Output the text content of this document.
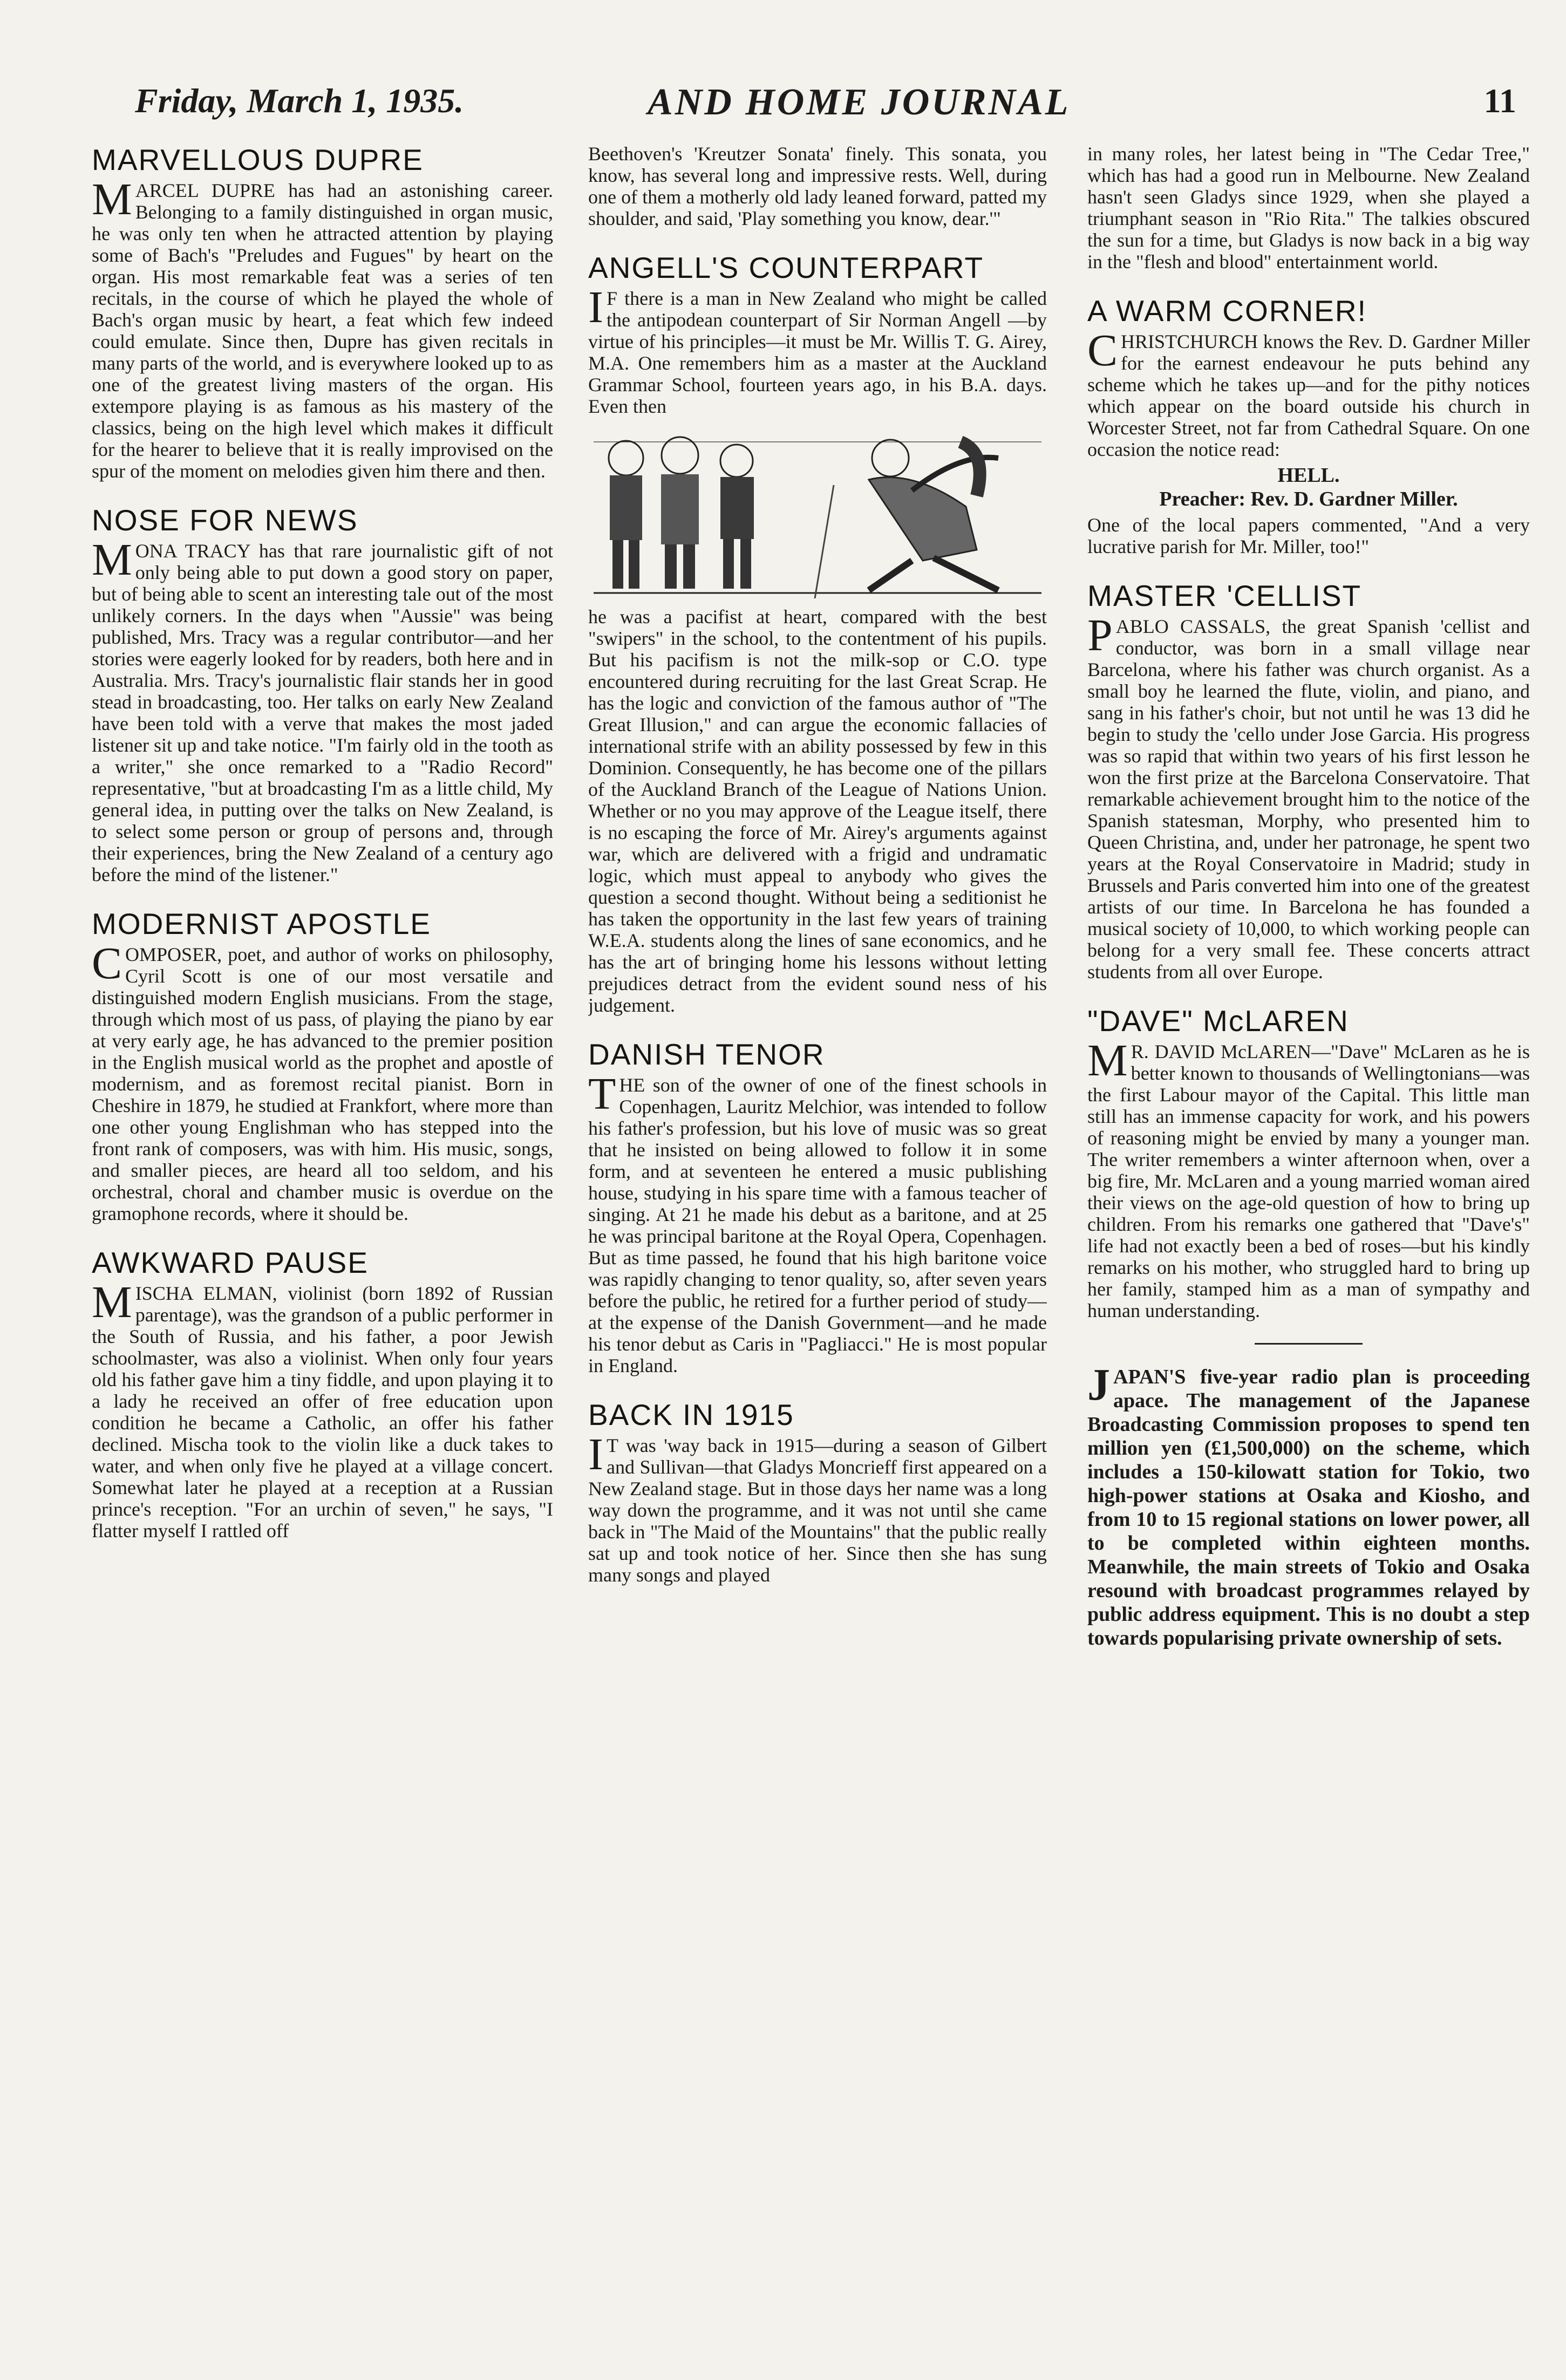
Friday, March 1, 1935.	AND HOME JOURNAL	11
MARVELLOUS DUPRE

MARCEL DUPRE has had an astonishing career. Belonging to a family distinguished in organ music, he was only ten when he attracted attention by playing some of Bach's "Preludes and Fugues" by heart on the organ. His most remarkable feat was a series of ten recitals, in the course of which he played the whole of Bach's organ music by heart, a feat which few indeed could emulate. Since then, Dupre has given recitals in many parts of the world, and is everywhere looked up to as one of the greatest living masters of the organ. His extempore playing is as famous as his mastery of the classics, being on the high level which makes it difficult for the hearer to believe that it is really improvised on the spur of the moment on melodies given him there and then.

NOSE FOR NEWS

MONA TRACY has that rare journalistic gift of not only being able to put down a good story on paper, but of being able to scent an interesting tale out of the most unlikely corners. In the days when "Aussie" was being published, Mrs. Tracy was a regular contributor—and her stories were eagerly looked for by readers, both here and in Australia. Mrs. Tracy's journalistic flair stands her in good stead in broadcasting, too. Her talks on early New Zealand have been told with a verve that makes the most jaded listener sit up and take notice. "I'm fairly old in the tooth as a writer," she once remarked to a "Radio Record" representative, "but at broadcasting I'm as a little child, My general idea, in putting over the talks on New Zealand, is to select some person or group of persons and, through their experiences, bring the New Zealand of a century ago before the mind of the listener."

MODERNIST APOSTLE

COMPOSER, poet, and author of works on philosophy, Cyril Scott is one of our most versatile and distinguished modern English musicians. From the stage, through which most of us pass, of playing the piano by ear at very early age, he has advanced to the premier position in the English musical world as the prophet and apostle of modernism, and as foremost recital pianist. Born in Cheshire in 1879, he studied at Frankfort, where more than one other young Englishman who has stepped into the front rank of composers, was with him. His music, songs, and smaller pieces, are heard all too seldom, and his orchestral, choral and chamber music is overdue on the gramophone records, where it should be.

AWKWARD PAUSE

MISCHA ELMAN, violinist (born 1892 of Russian parentage), was the grandson of a public performer in the South of Russia, and his father, a poor Jewish schoolmaster, was also a violinist. When only four years old his father gave him a tiny fiddle, and upon playing it to a lady he received an offer of free education upon condition he became a Catholic, an offer his father declined. Mischa took to the violin like a duck takes to water, and when only five he played at a village concert. Somewhat later he played at a reception at a Russian prince's reception. "For an urchin of seven," he says, "I flatter myself I rattled off

Beethoven's 'Kreutzer Sonata' finely. This sonata, you know, has several long and impressive rests. Well, during one of them a motherly old lady leaned forward, patted my shoulder, and said, 'Play something you know, dear.'"

ANGELL'S COUNTERPART

I F there is a man in New Zealand who might be called the antipodean counterpart of Sir Norman Angell —by virtue of his principles—it must be Mr. Willis T. G. Airey, M.A. One remembers him as a master at the Auckland Grammar School, fourteen years ago, in his B.A. days. Even then

he was a pacifist at heart, compared with the best "swipers" in the school, to the contentment of his pupils. But his pacifism is not the milk-sop or C.O. type encountered during recruiting for the last Great Scrap. He has the logic and conviction of the famous author of "The Great Illusion," and can argue the economic fallacies of international strife with an ability possessed by few in this Dominion. Consequently, he has become one of the pillars of the Auckland Branch of the League of Nations Union. Whether or no you may approve of the League itself, there is no escaping the force of Mr. Airey's arguments against war, which are delivered with a frigid and undramatic logic, which must appeal to anybody who gives the question a second thought. Without being a seditionist he has taken the opportunity in the last few years of training W.E.A. students along the lines of sane economics, and he has the art of bringing home his lessons without letting prejudices detract from the evident sound ness of his judgement.

DANISH TENOR

THE son of the owner of one of the finest schools in Copenhagen, Lauritz Melchior, was intended to follow his father's profession, but his love of music was so great that he insisted on being allowed to follow it in some form, and at seventeen he entered a music publishing house, studying in his spare time with a famous teacher of singing. At 21 he made his debut as a baritone, and at 25 he was principal baritone at the Royal Opera, Copenhagen. But as time passed, he found that his high baritone voice was rapidly changing to tenor quality, so, after seven years before the public, he retired for a further period of study—at the expense of the Danish Government—and he made his tenor debut as Caris in "Pagliacci." He is most popular in England.

BACK IN 1915

I T was 'way back in 1915—during a season of Gilbert and Sullivan—that Gladys Moncrieff first appeared on a New Zealand stage. But in those days her name was a long way down the programme, and it was not until she came back in "The Maid of the Mountains" that the public really sat up and took notice of her. Since then she has sung many songs and played

in many roles, her latest being in "The Cedar Tree," which has had a good run in Melbourne. New Zealand hasn't seen Gladys since 1929, when she played a triumphant season in "Rio Rita." The talkies obscured the sun for a time, but Gladys is now back in a big way in the "flesh and blood" entertainment world.

A WARM CORNER!

CHRISTCHURCH knows the Rev. D. Gardner Miller for the earnest endeavour he puts behind any scheme which he takes up—and for the pithy notices which appear on the board outside his church in Worcester Street, not far from Cathedral Square. On one occasion the notice read:

HELL.

Preacher: Rev. D. Gardner Miller.

One of the local papers commented, "And a very lucrative parish for Mr. Miller, too!"

MASTER 'CELLIST

PABLO CASSALS, the great Spanish 'cellist and conductor, was born in a small village near Barcelona, where his father was church organist. As a small boy he learned the flute, violin, and piano, and sang in his father's choir, but not until he was 13 did he begin to study the 'cello under Jose Garcia. His progress was so rapid that within two years of his first lesson he won the first prize at the Barcelona Conservatoire. That remarkable achievement brought him to the notice of the Spanish statesman, Morphy, who presented him to Queen Christina, and, under her patronage, he spent two years at the Royal Conservatoire in Madrid; study in Brussels and Paris converted him into one of the greatest artists of our time. In Barcelona he has founded a musical society of 10,000, to which working people can belong for a very small fee. These concerts attract students from all over Europe.

"DAVE" McLAREN

M R. DAVID McLAREN—"Dave" McLaren as he is better known to thousands of Wellingtonians—was the first Labour mayor of the Capital. This little man still has an immense capacity for work, and his powers of reasoning might be envied by many a younger man. The writer remembers a winter afternoon when, over a big fire, Mr. McLaren and a young married woman aired their views on the age-old question of how to bring up children. From his remarks one gathered that "Dave's" life had not exactly been a bed of roses—but his kindly remarks on his mother, who struggled hard to bring up her family, stamped him as a man of sympathy and human understanding.

JAPAN'S five-year radio plan is proceeding apace. The management of the Japanese Broadcasting Commission proposes to spend ten million yen (£1,500,000) on the scheme, which includes a 150-kilowatt station for Tokio, two high-power stations at Osaka and Kiosho, and from 10 to 15 regional stations on lower power, all to be completed within eighteen months. Meanwhile, the main streets of Tokio and Osaka resound with broadcast programmes relayed by public address equipment. This is no doubt a step towards popularising private ownership of sets.
